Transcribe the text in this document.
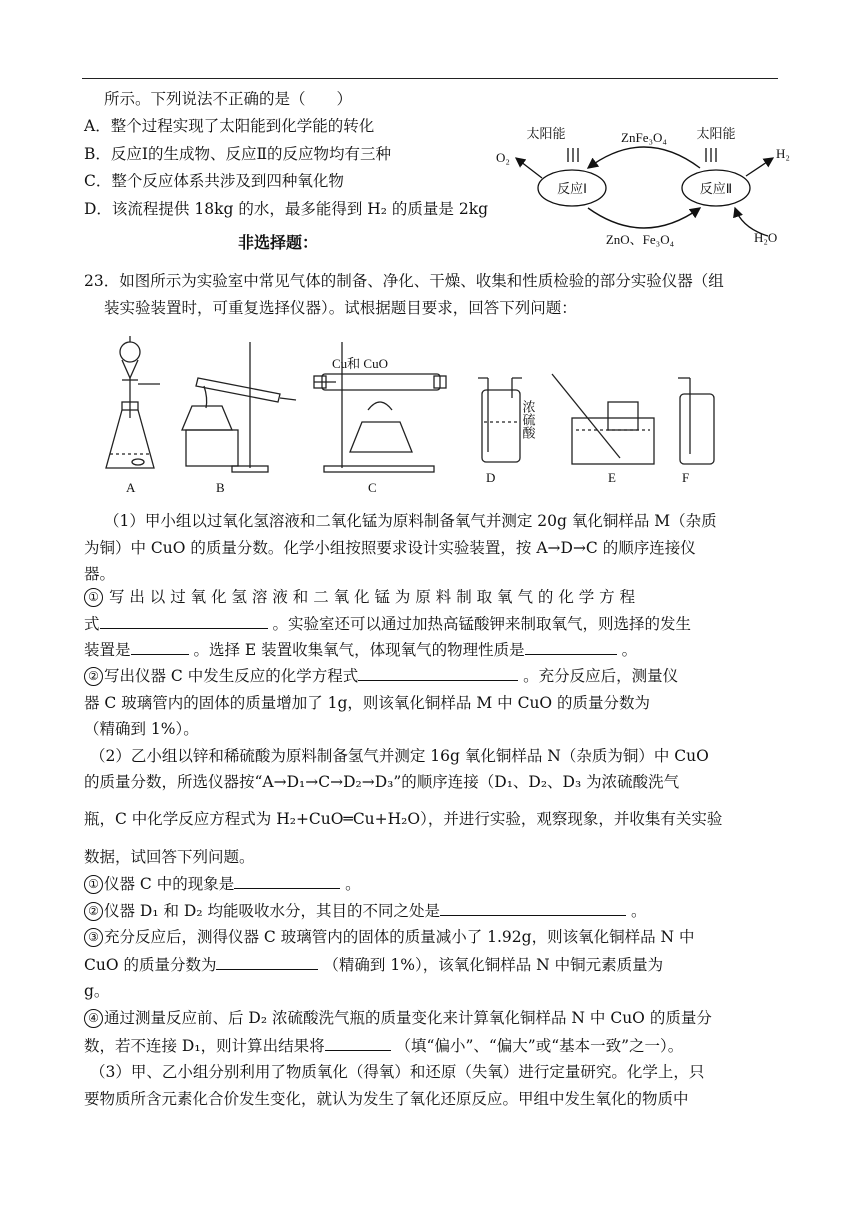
所示。下列说法不正确的是（　　）
A．整个过程实现了太阳能到化学能的转化
B．反应Ⅰ的生成物、反应Ⅱ的反应物均有三种
C．整个反应体系共涉及到四种氧化物
D．该流程提供 18kg 的水，最多能得到 H₂ 的质量是 2kg
反应Ⅰ	反应Ⅱ
ZnFe₃O₄
ZnO、Fe₃O₄
太阳能	太阳能
O₂	H₂
H₂O
非选择题：
23．如图所示为实验室中常见气体的制备、净化、干燥、收集和性质检验的部分实验仪器（组
装实验装置时，可重复选择仪器）。试根据题目要求，回答下列问题：
Cu和 CuO
浓硫酸
A	B	C
D	E	F
（1）甲小组以过氧化氢溶液和二氧化锰为原料制备氧气并测定 20g 氧化铜样品 M（杂质
为铜）中 CuO 的质量分数。化学小组按照要求设计实验装置，按 A→D→C 的顺序连接仪
器。
① 写 出 以 过 氧 化 氢 溶 液 和 二 氧 化 锰 为 原 料 制 取 氧 气 的 化 学 方 程
式	。实验室还可以通过加热高锰酸钾来制取氧气，则选择的发生
装置是	。选择 E 装置收集氧气，体现氧气的物理性质是	。
② 写出仪器 C 中发生反应的化学方程式	。充分反应后，测量仪
器 C 玻璃管内的固体的质量增加了 1g，则该氧化铜样品 M 中 CuO 的质量分数为
（精确到 1%）。
（2）乙小组以锌和稀硫酸为原料制备氢气并测定 16g 氧化铜样品 N（杂质为铜）中 CuO
的质量分数，所选仪器按“A→D₁→C→D₂→D₃”的顺序连接（D₁、D₂、D₃ 为浓硫酸洗气
瓶，C 中化学反应方程式为 H₂+CuO═Cu+H₂O），并进行实验，观察现象，并收集有关实验
数据，试回答下列问题。
① 仪器 C 中的现象是	。
② 仪器 D₁ 和 D₂ 均能吸收水分，其目的不同之处是	。
③ 充分反应后，测得仪器 C 玻璃管内的固体的质量减小了 1.92g，则该氧化铜样品 N 中
CuO 的质量分数为	（精确到 1%），该氧化铜样品 N 中铜元素质量为
g。
④ 通过测量反应前、后 D₂ 浓硫酸洗气瓶的质量变化来计算氧化铜样品 N 中 CuO 的质量分
数，若不连接 D₁，则计算出结果将	（填“偏小”、“偏大”或“基本一致”之一）。
（3）甲、乙小组分别利用了物质氧化（得氧）和还原（失氧）进行定量研究。化学上，只
要物质所含元素化合价发生变化，就认为发生了氧化还原反应。甲组中发生氧化的物质中
